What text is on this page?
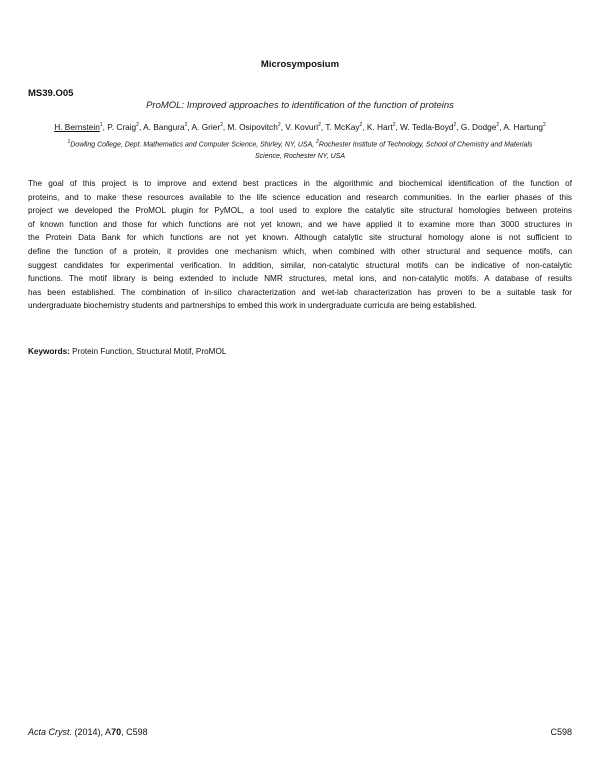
Microsymposium
MS39.O05
ProMOL: Improved approaches to identification of the function of proteins
H. Bernstein$^1$, P. Craig$^2$, A. Bangura$^2$, A. Grier$^2$, M. Osipovitch$^2$, V. Kovuri$^2$, T. McKay$^2$, K. Hart$^2$, W. Tedla-Boyd$^2$, G. Dodge$^2$, A. Hartung$^2$
$^1$Dowling College, Dept. Mathematics and Computer Science, Shirley, NY, USA, $^2$Rochester Institute of Technology, School of Chemistry and Materials Science, Rochester NY, USA
The goal of this project is to improve and extend best practices in the algorithmic and biochemical identification of the function of
proteins, and to make these resources available to the life science education and research communities. In the earlier phases of this
project we developed the ProMOL plugin for PyMOL, a tool used to explore the catalytic site structural homologies between proteins
of known function and those for which functions are not yet known, and we have applied it to examine more than 3000 structures in
the Protein Data Bank for which functions are not yet known. Although catalytic site structural homology alone is not sufficient to
define the function of a protein, it provides one mechanism which, when combined with other structural and sequence motifs, can
suggest candidates for experimental verification. In addition, similar, non-catalytic structural motifs can be indicative of non-catalytic
functions. The motif library is being extended to include NMR structures, metal ions, and non-catalytic motifs. A database of results
has been established. The combination of in-silico characterization and wet-lab characterization has proven to be a suitable task for
undergraduate biochemistry students and partnerships to embed this work in undergraduate curricula are being established.
Keywords: Protein Function, Structural Motif, ProMOL
Acta Cryst. (2014), A70, C598	C598
